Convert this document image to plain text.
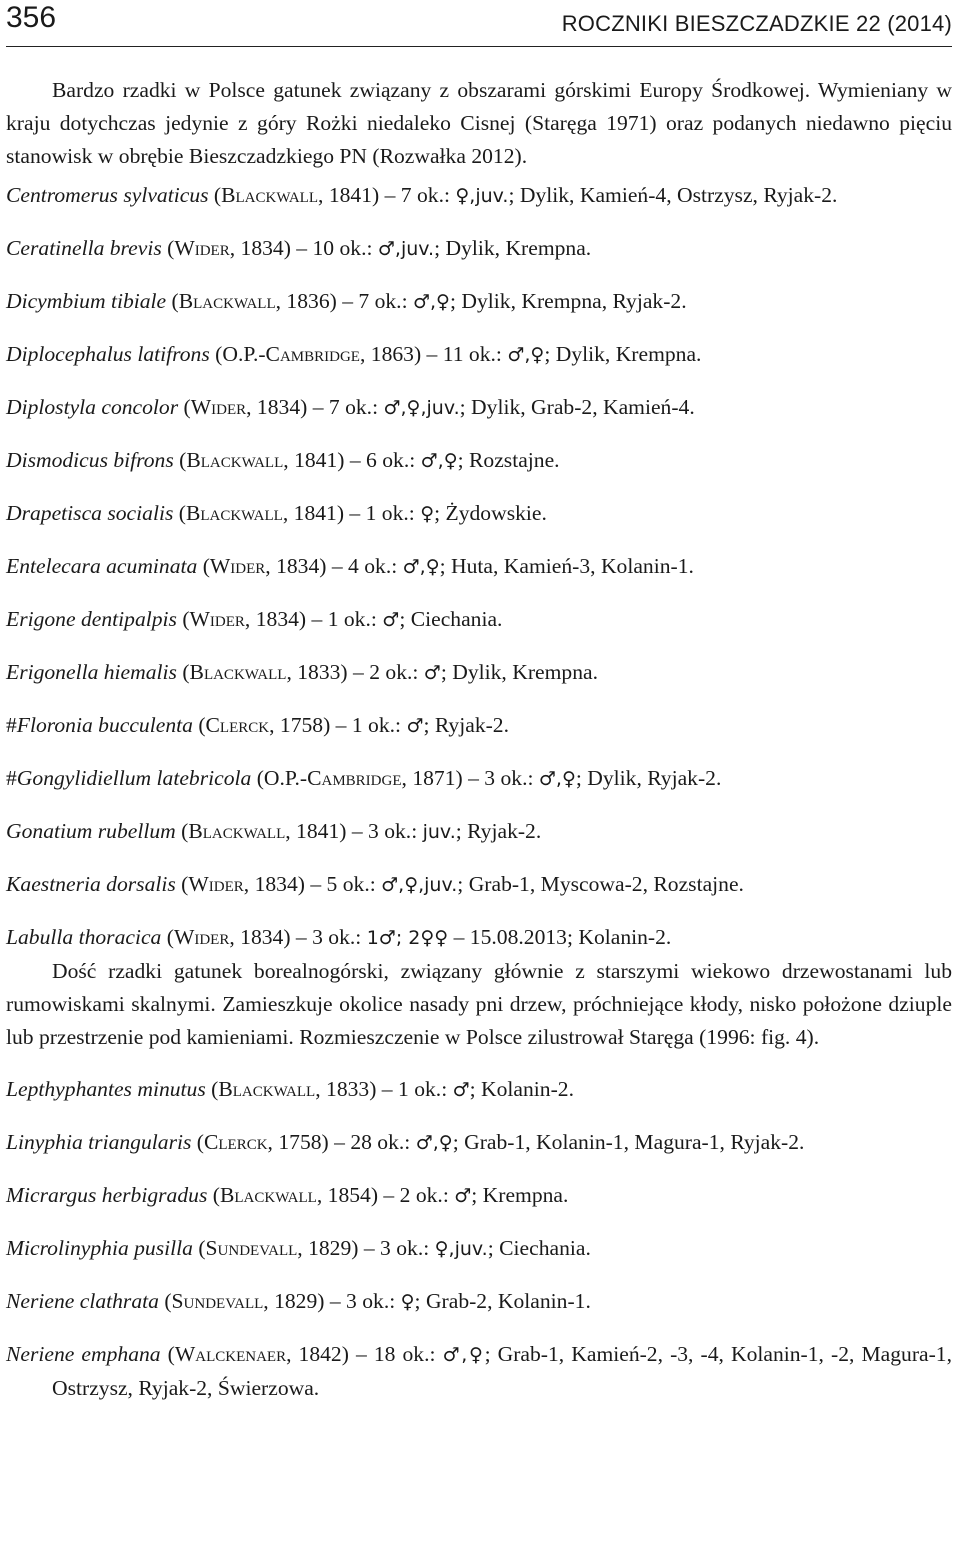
356	ROCZNIKI BIESZCZADZKIE 22 (2014)

Bardzo rzadki w Polsce gatunek związany z obszarami górskimi Europy Środkowej. Wymieniany w kraju dotychczas jedynie z góry Rożki niedaleko Cisnej (Staręga 1971) oraz podanych niedawno pięciu stanowisk w obrębie Bieszczadzkiego PN (Rozwałka 2012).

Centromerus sylvaticus (Blackwall, 1841) – 7 ok.: ♀,juv.; Dylik, Kamień-4, Ostrzysz, Ryjak-2.
Ceratinella brevis (Wider, 1834) – 10 ok.: ♂,juv.; Dylik, Krempna.
Dicymbium tibiale (Blackwall, 1836) – 7 ok.: ♂,♀; Dylik, Krempna, Ryjak-2.
Diplocephalus latifrons (O.P.-Cambridge, 1863) – 11 ok.: ♂,♀; Dylik, Krempna.
Diplostyla concolor (Wider, 1834) – 7 ok.: ♂,♀,juv.; Dylik, Grab-2, Kamień-4.
Dismodicus bifrons (Blackwall, 1841) – 6 ok.: ♂,♀; Rozstajne.
Drapetisca socialis (Blackwall, 1841) – 1 ok.: ♀; Żydowskie.
Entelecara acuminata (Wider, 1834) – 4 ok.: ♂,♀; Huta, Kamień-3, Kolanin-1.
Erigone dentipalpis (Wider, 1834) – 1 ok.: ♂; Ciechania.
Erigonella hiemalis (Blackwall, 1833) – 2 ok.: ♂; Dylik, Krempna.
#Floronia bucculenta (Clerck, 1758) – 1 ok.: ♂; Ryjak-2.
#Gongylidiellum latebricola (O.P.-Cambridge, 1871) – 3 ok.: ♂,♀; Dylik, Ryjak-2.
Gonatium rubellum (Blackwall, 1841) – 3 ok.: juv.; Ryjak-2.
Kaestneria dorsalis (Wider, 1834) – 5 ok.: ♂,♀,juv.; Grab-1, Myscowa-2, Rozstajne.
Labulla thoracica (Wider, 1834) – 3 ok.: 1♂; 2♀♀ – 15.08.2013; Kolanin-2.

Dość rzadki gatunek borealnogórski, związany głównie z starszymi wiekowo drzewostanami lub rumowiskami skalnymi. Zamieszkuje okolice nasady pni drzew, próchniejące kłody, nisko położone dziuple lub przestrzenie pod kamieniami. Rozmieszczenie w Polsce zilustrował Staręga (1996: fig. 4).

Lepthyphantes minutus (Blackwall, 1833) – 1 ok.: ♂; Kolanin-2.
Linyphia triangularis (Clerck, 1758) – 28 ok.: ♂,♀; Grab-1, Kolanin-1, Magura-1, Ryjak-2.
Micrargus herbigradus (Blackwall, 1854) – 2 ok.: ♂; Krempna.
Microlinyphia pusilla (Sundevall, 1829) – 3 ok.: ♀,juv.; Ciechania.
Neriene clathrata (Sundevall, 1829) – 3 ok.: ♀; Grab-2, Kolanin-1.
Neriene emphana (Walckenaer, 1842) – 18 ok.: ♂,♀; Grab-1, Kamień-2, -3, -4, Kolanin-1, -2, Magura-1, Ostrzysz, Ryjak-2, Świerzowa.
